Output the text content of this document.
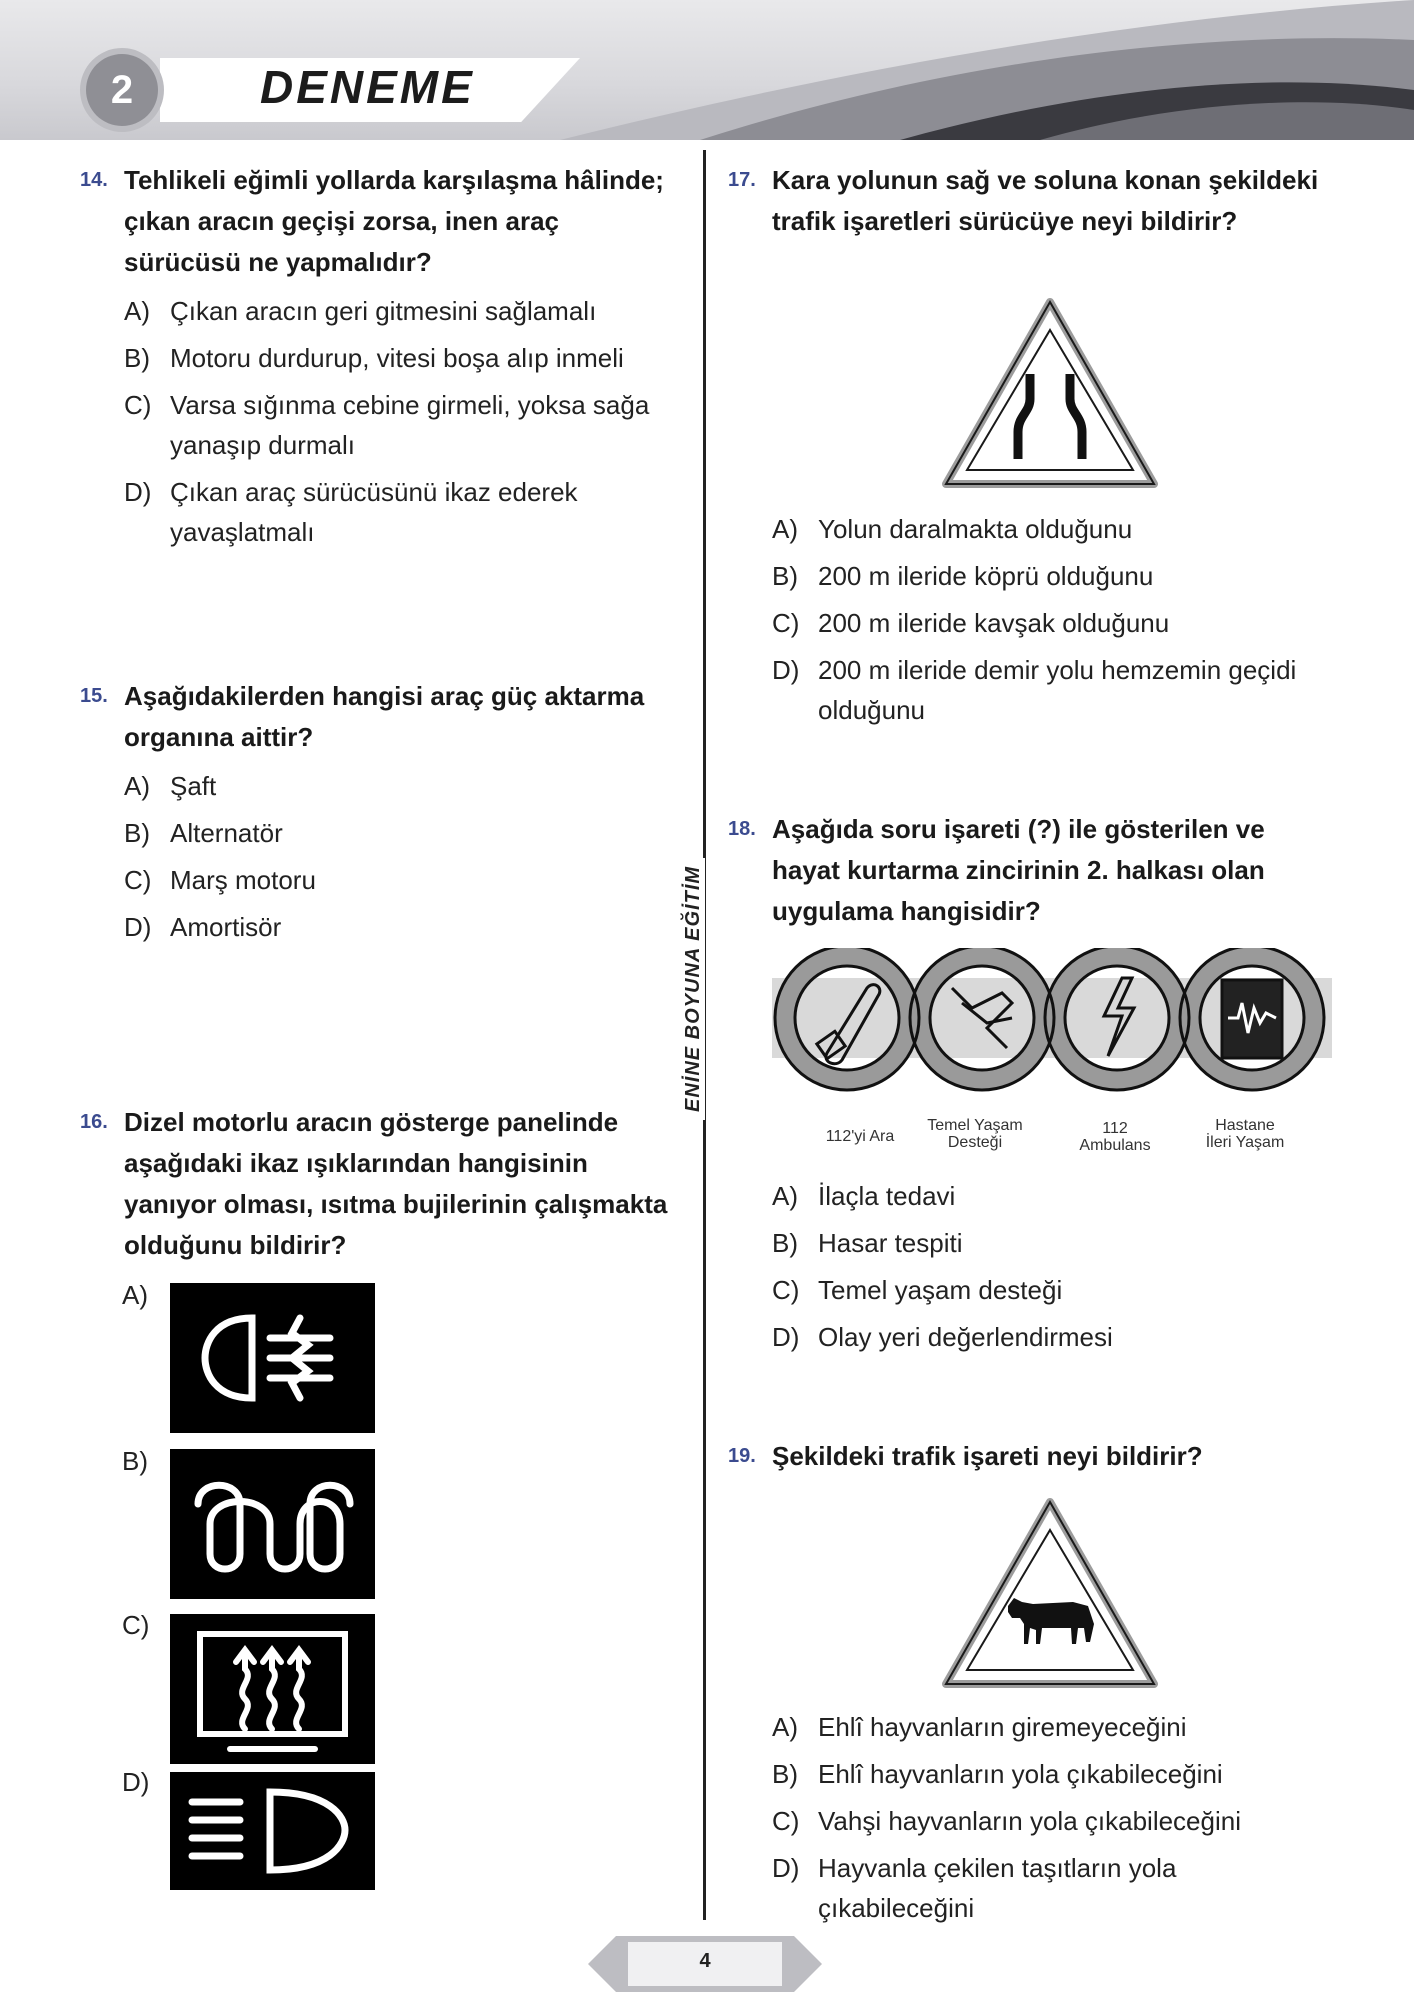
2	DENEME
ENİNE BOYUNA EĞİTİM
14. Tehlikeli eğimli yollarda karşılaşma hâlinde; çıkan aracın geçişi zorsa, inen araç sürücüsü ne yapmalıdır?
A) Çıkan aracın geri gitmesini sağlamalı
B) Motoru durdurup, vitesi boşa alıp inmeli
C) Varsa sığınma cebine girmeli, yoksa sağa yanaşıp durmalı
D) Çıkan araç sürücüsünü ikaz ederek yavaşlatmalı
15. Aşağıdakilerden hangisi araç güç aktarma organına aittir?
A) Şaft
B) Alternatör
C) Marş motoru
D) Amortisör
16. Dizel motorlu aracın gösterge panelinde aşağıdaki ikaz ışıklarından hangisinin yanıyor olması, ısıtma bujilerinin çalışmakta olduğunu bildirir?
A)
B)
C)
D)
17. Kara yolunun sağ ve soluna konan şekildeki trafik işaretleri sürücüye neyi bildirir?
A) Yolun daralmakta olduğunu
B) 200 m ileride köprü olduğunu
C) 200 m ileride kavşak olduğunu
D) 200 m ileride demir yolu hemzemin geçidi olduğunu
18. Aşağıda soru işareti (?) ile gösterilen ve hayat kurtarma zincirinin 2. halkası olan uygulama hangisidir?
112'yi Ara
Temel Yaşam
Desteği
112
Ambulans
Hastane
İleri Yaşam
A) İlaçla tedavi
B) Hasar tespiti
C) Temel yaşam desteği
D) Olay yeri değerlendirmesi
19. Şekildeki trafik işareti neyi bildirir?
A) Ehlî hayvanların giremeyeceğini
B) Ehlî hayvanların yola çıkabileceğini
C) Vahşi hayvanların yola çıkabileceğini
D) Hayvanla çekilen taşıtların yola çıkabileceğini
4
